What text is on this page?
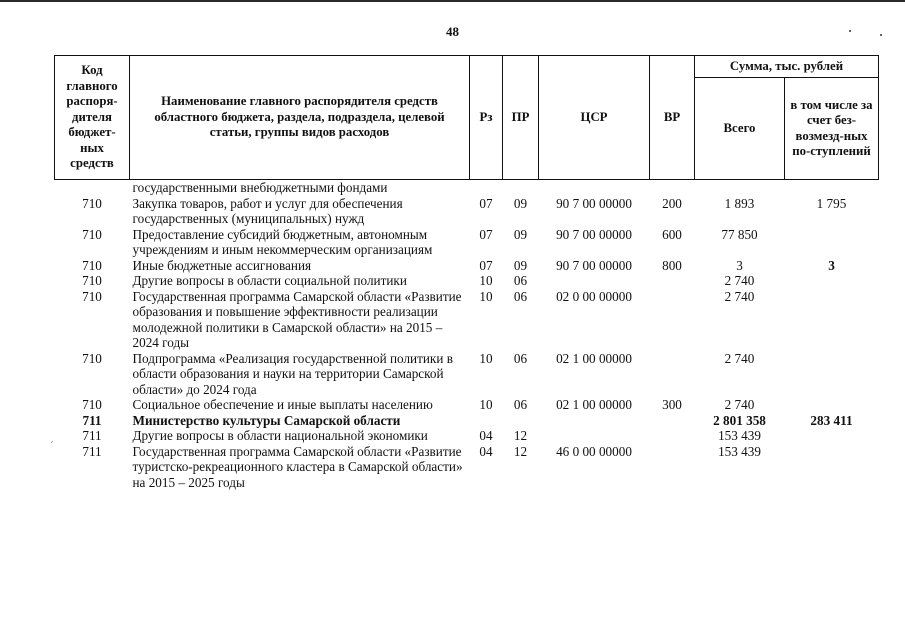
´
48
Код главного распоря-дителя бюджет-ных средств	Наименование главного распорядителя средств областного бюджета, раздела, подраздела, целевой статьи, группы видов расходов	Рз	ПР	ЦСР	ВР	Сумма, тыс. рублей	
						Всего	в том числе за счет без-возмезд-ных по-ступлений
	государственными внебюджетными фондами						
710	Закупка товаров, работ и услуг для обеспечения государственных (муниципальных) нужд	07	09	90 7 00 00000	200	1 893	1 795
710	Предоставление субсидий бюджетным, автономным учреждениям и иным некоммерческим организациям	07	09	90 7 00 00000	600	77 850	
710	Иные бюджетные ассигнования	07	09	90 7 00 00000	800	3	3
710	Другие вопросы в области социальной политики	10	06			2 740	
710	Государственная программа Самарской области «Развитие образования и повышение эффективности реализации молодежной политики в Самарской области» на 2015 – 2024 годы	10	06	02 0 00 00000		2 740	
710	Подпрограмма «Реализация государственной политики в области образования и науки на территории Самарской области» до 2024 года	10	06	02 1 00 00000		2 740	
710	Социальное обеспечение и иные выплаты населению	10	06	02 1 00 00000	300	2 740	
711	Министерство культуры Самарской области					2 801 358	283 411
711	Другие вопросы в области национальной экономики	04	12			153 439	
711	Государственная программа Самарской области «Развитие туристско-рекреационного кластера в Самарской области» на 2015 – 2025 годы	04	12	46 0 00 00000		153 439	
